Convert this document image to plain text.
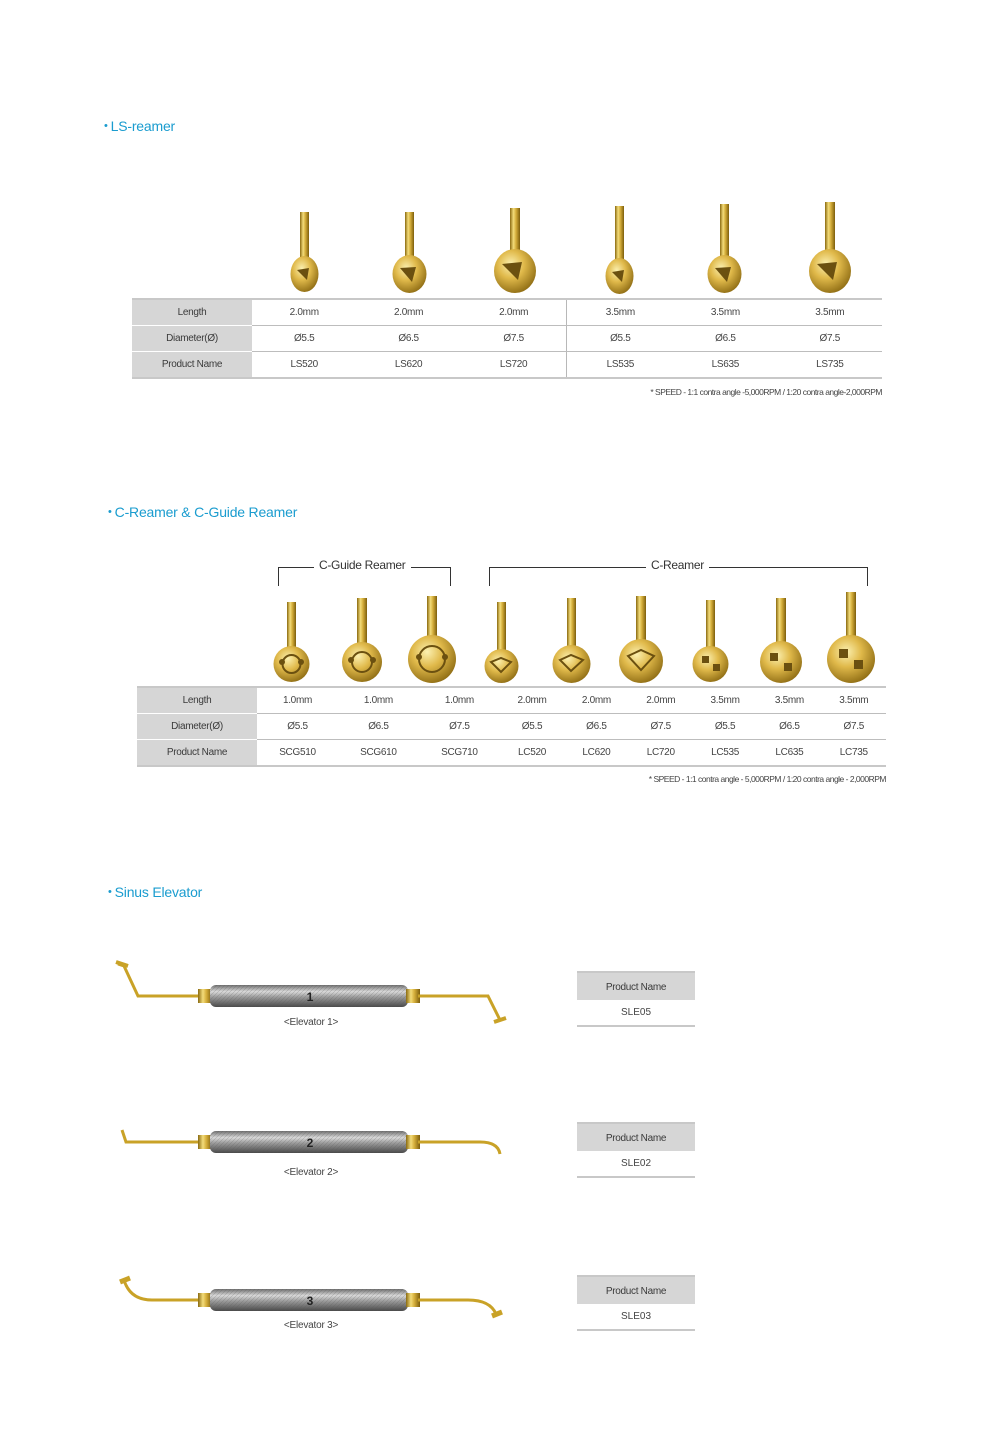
• LS-reamer
Length	2.0mm	2.0mm	2.0mm	3.5mm	3.5mm	3.5mm
Diameter(Ø)	Ø5.5	Ø6.5	Ø7.5	Ø5.5	Ø6.5	Ø7.5
Product Name	LS520	LS620	LS720	LS535	LS635	LS735
* SPEED - 1:1 contra angle -5,000RPM / 1:20 contra angle-2,000RPM
• C-Reamer & C-Guide Reamer
C-Guide Reamer	C-Reamer
Length	1.0mm	1.0mm	1.0mm	2.0mm	2.0mm	2.0mm	3.5mm	3.5mm	3.5mm
Diameter(Ø)	Ø5.5	Ø6.5	Ø7.5	Ø5.5	Ø6.5	Ø7.5	Ø5.5	Ø6.5	Ø7.5
Product Name	SCG510	SCG610	SCG710	LC520	LC620	LC720	LC535	LC635	LC735
* SPEED - 1:1 contra angle - 5,000RPM / 1:20 contra angle - 2,000RPM
• Sinus Elevator
1
<Elevator 1>
Product Name
SLE05
2
<Elevator 2>
Product Name
SLE02
3
<Elevator 3>
Product Name
SLE03
